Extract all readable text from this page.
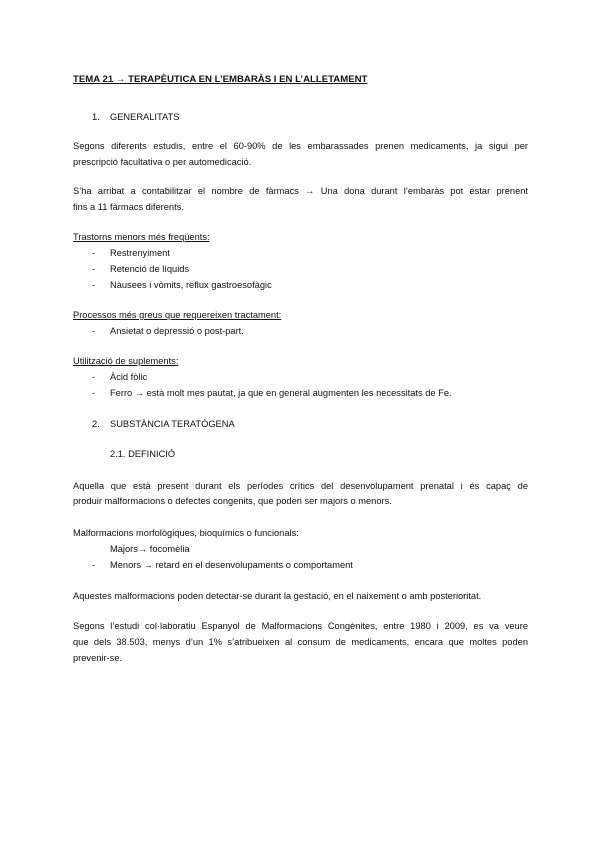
TEMA 21 → TERAPÈUTICA EN L’EMBARÀS I EN L’ALLETAMENT
1. GENERALITATS
Segons diferents estudis, entre el 60-90% de les embarassades prenen medicaments, ja sigui per
prescripció facultativa o per automedicació.
S’ha arribat a contabilitzar el nombre de fàrmacs → Una dona durant l’embaràs pot estar prenent
fins a 11 fàrmacs diferents.
Trastorns menors més freqüents:
- Restrenyiment
- Retenció de líquids
- Nàusees i vòmits, reflux gastroesofàgic
Processos més greus que requereixen tractament:
- Ansietat o depressió o post-part.
Utilització de suplements:
- Àcid fòlic
- Ferro → està molt mes pautat, ja que en general augmenten les necessitats de Fe.
2. SUBSTÀNCIA TERATÓGENA
2.1. DEFINICIÓ
Aquella que està present durant els períodes crítics del desenvolupament prenatal i és capaç de
produir malformacions o defectes congenits, que poden ser majors o menors.
Malformacions morfològiques, bioquímics o funcionals:
Majors→ focomèlia
- Menors → retard en el desenvolupaments o comportament
Aquestes malformacions poden detectar-se durant la gestació, en el naixement o amb posterioritat.
Segons l’estudi col·laboratiu Espanyol de Malformacions Congènites, entre 1980 i 2009, es va veure
que dels 38.503, menys d’un 1% s’atribueixen al consum de medicaments, encara que moltes poden
prevenir-se.
